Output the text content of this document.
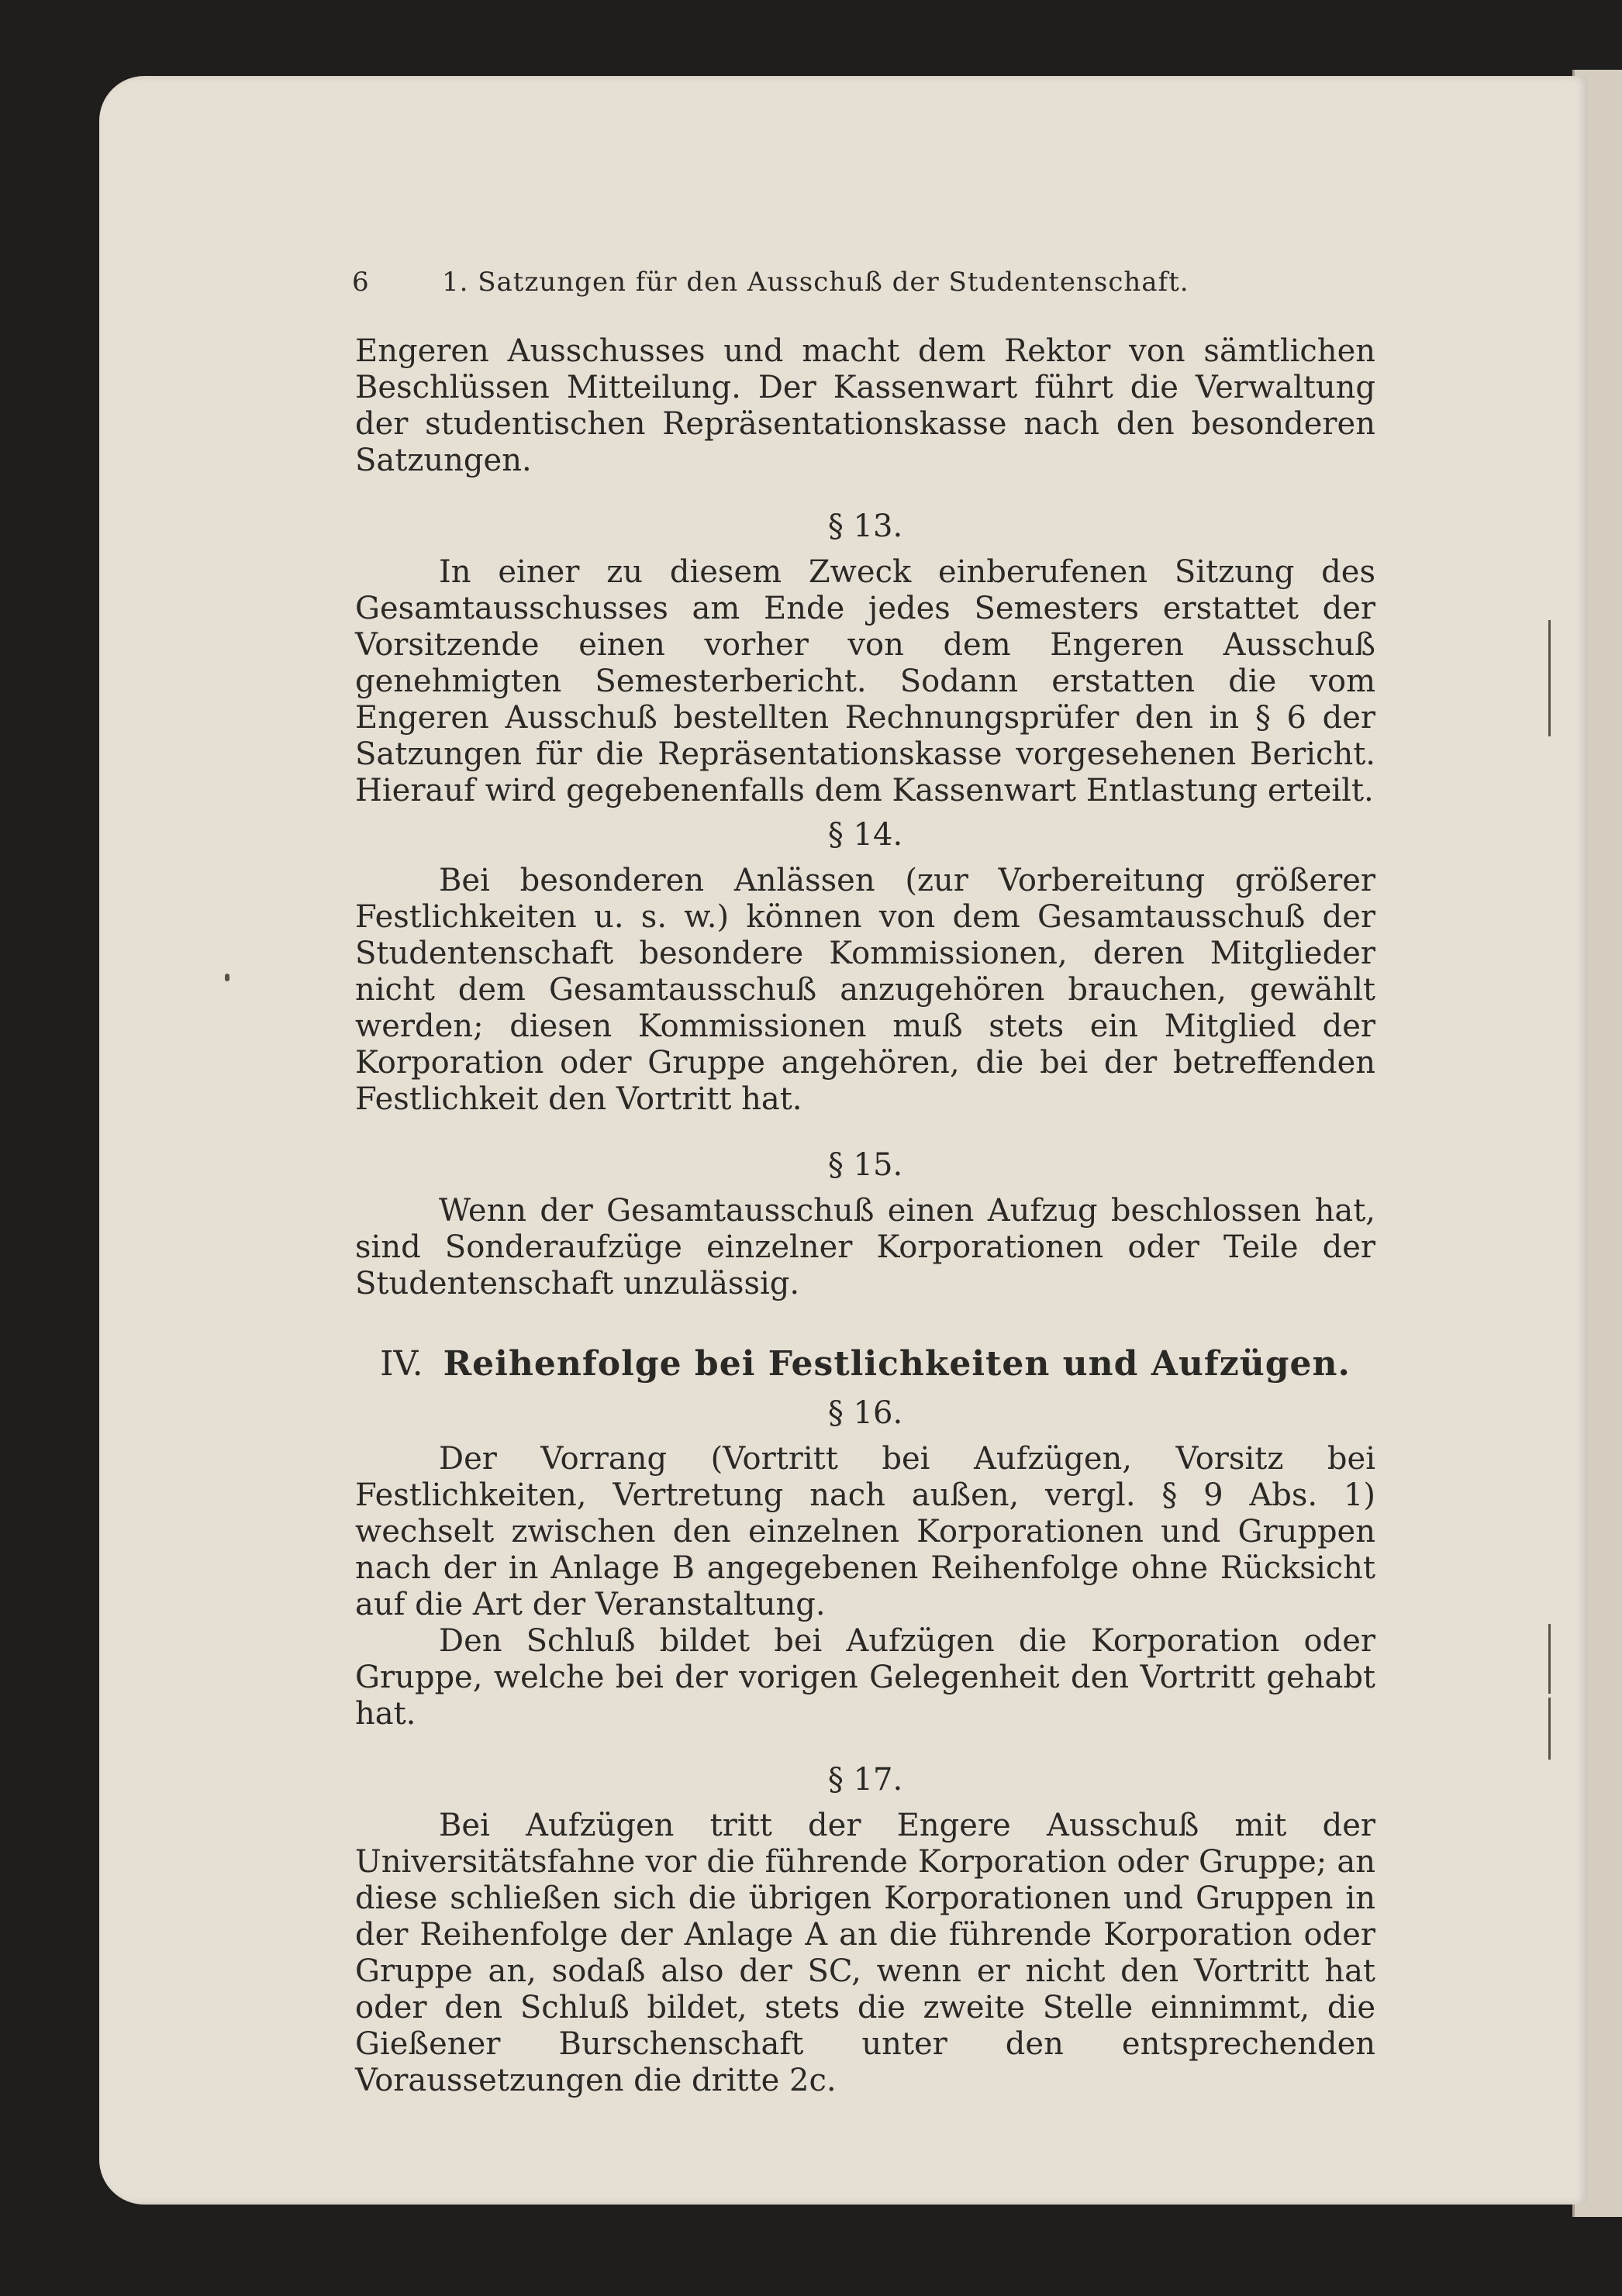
6	1. Satzungen für den Ausschuß der Studentenschaft.

Engeren Ausschusses und macht dem Rektor von sämtlichen Beschlüssen Mitteilung. Der Kassenwart führt die Verwaltung der studentischen Repräsentationskasse nach den besonderen Satzungen.

§ 13.

In einer zu diesem Zweck einberufenen Sitzung des Gesamtausschusses am Ende jedes Semesters erstattet der Vorsitzende einen vorher von dem Engeren Ausschuß genehmigten Semesterbericht. Sodann erstatten die vom Engeren Ausschuß bestellten Rechnungsprüfer den in § 6 der Satzungen für die Repräsentationskasse vorgesehenen Bericht. Hierauf wird gegebenenfalls dem Kassenwart Entlastung erteilt.

§ 14.

Bei besonderen Anlässen (zur Vorbereitung größerer Festlichkeiten u. s. w.) können von dem Gesamtausschuß der Studentenschaft besondere Kommissionen, deren Mitglieder nicht dem Gesamtausschuß anzugehören brauchen, gewählt werden; diesen Kommissionen muß stets ein Mitglied der Korporation oder Gruppe angehören, die bei der betreffenden Festlichkeit den Vortritt hat.

§ 15.

Wenn der Gesamtausschuß einen Aufzug beschlossen hat, sind Sonderaufzüge einzelner Korporationen oder Teile der Studentenschaft unzulässig.

IV. Reihenfolge bei Festlichkeiten und Aufzügen.

§ 16.

Der Vorrang (Vortritt bei Aufzügen, Vorsitz bei Festlichkeiten, Vertretung nach außen, vergl. § 9 Abs. 1) wechselt zwischen den einzelnen Korporationen und Gruppen nach der in Anlage B angegebenen Reihenfolge ohne Rücksicht auf die Art der Veranstaltung.

Den Schluß bildet bei Aufzügen die Korporation oder Gruppe, welche bei der vorigen Gelegenheit den Vortritt gehabt hat.

§ 17.

Bei Aufzügen tritt der Engere Ausschuß mit der Universitätsfahne vor die führende Korporation oder Gruppe; an diese schließen sich die übrigen Korporationen und Gruppen in der Reihenfolge der Anlage A an die führende Korporation oder Gruppe an, sodaß also der SC, wenn er nicht den Vortritt hat oder den Schluß bildet, stets die zweite Stelle einnimmt, die Gießener Burschenschaft unter den entsprechenden Voraussetzungen die dritte 2c.
